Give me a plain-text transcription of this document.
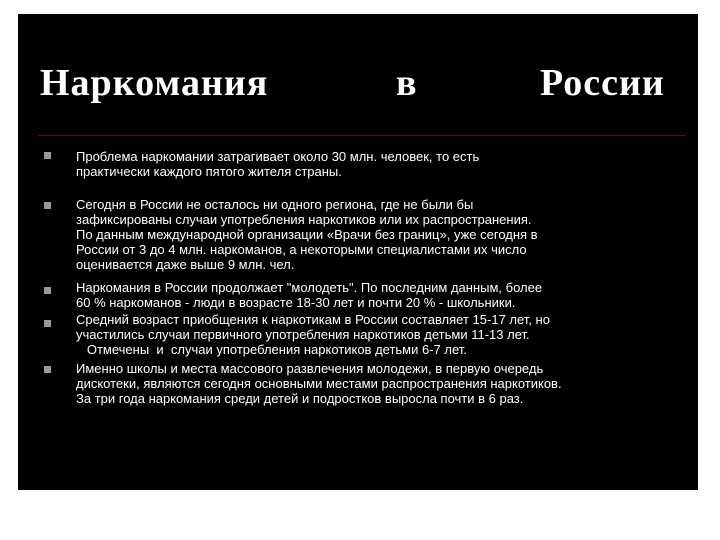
Наркомания	в	России
Проблема наркомании затрагивает около 30 млн. человек, то есть
практически каждого пятого жителя страны.
Сегодня в России не осталось ни одного региона, где не были бы
зафиксированы случаи употребления наркотиков или их распространения.
По данным международной организации «Врачи без границ», уже сегодня в
России от 3 до 4 млн. наркоманов, а некоторыми специалистами их число
оценивается даже выше 9 млн. чел.
Наркомания в России продолжает "молодеть". По последним данным, более
60 % наркоманов - люди в возрасте 18-30 лет и почти 20 % - школьники.
Средний возраст приобщения к наркотикам в России составляет 15-17 лет, но
участились случаи первичного употребления наркотиков детьми 11-13 лет.
Отмечены  и  случаи употребления наркотиков детьми 6-7 лет.
Именно школы и места массового развлечения молодежи, в первую очередь
дискотеки, являются сегодня основными местами распространения наркотиков.
За три года наркомания среди детей и подростков выросла почти в 6 раз.
